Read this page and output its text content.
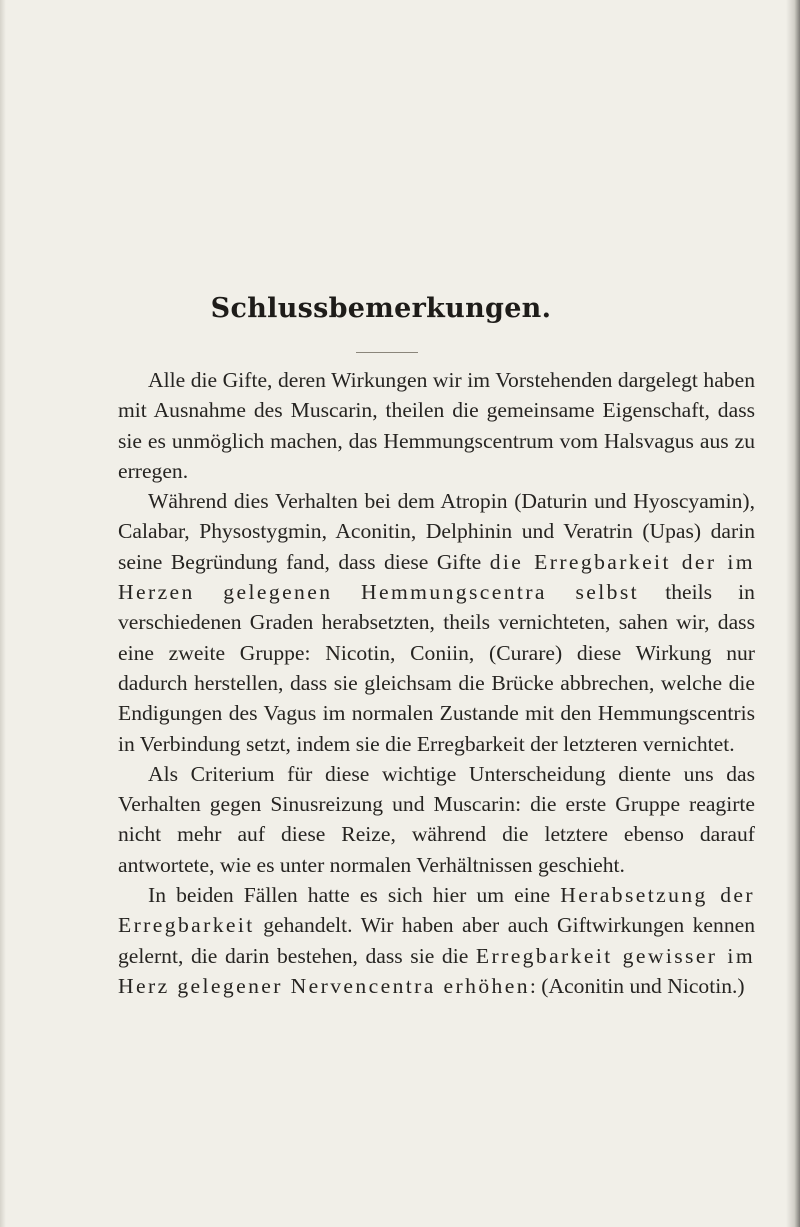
Schlussbemerkungen.

Alle die Gifte, deren Wirkungen wir im Vorstehenden dargelegt haben mit Ausnahme des Muscarin, theilen die gemeinsame Eigenschaft, dass sie es unmöglich machen, das Hemmungscentrum vom Halsvagus aus zu erregen.

Während dies Verhalten bei dem Atropin (Daturin und Hyoscyamin), Calabar, Physostygmin, Aconitin, Delphinin und Veratrin (Upas) darin seine Begründung fand, dass diese Gifte die Erregbarkeit der im Herzen gelegenen Hemmungscentra selbst theils in verschiedenen Graden herabsetzten, theils vernichteten, sahen wir, dass eine zweite Gruppe: Nicotin, Coniin, (Curare) diese Wirkung nur dadurch herstellen, dass sie gleichsam die Brücke abbrechen, welche die Endigungen des Vagus im normalen Zustande mit den Hemmungscentris in Verbindung setzt, indem sie die Erregbarkeit der letzteren vernichtet.

Als Criterium für diese wichtige Unterscheidung diente uns das Verhalten gegen Sinusreizung und Muscarin: die erste Gruppe reagirte nicht mehr auf diese Reize, während die letztere ebenso darauf antwortete, wie es unter normalen Verhältnissen geschieht.

In beiden Fällen hatte es sich hier um eine Herabsetzung der Erregbarkeit gehandelt. Wir haben aber auch Giftwirkungen kennen gelernt, die darin bestehen, dass sie die Erregbarkeit gewisser im Herz gelegener Nervencentra erhöhen: (Aconitin und Nicotin.)
